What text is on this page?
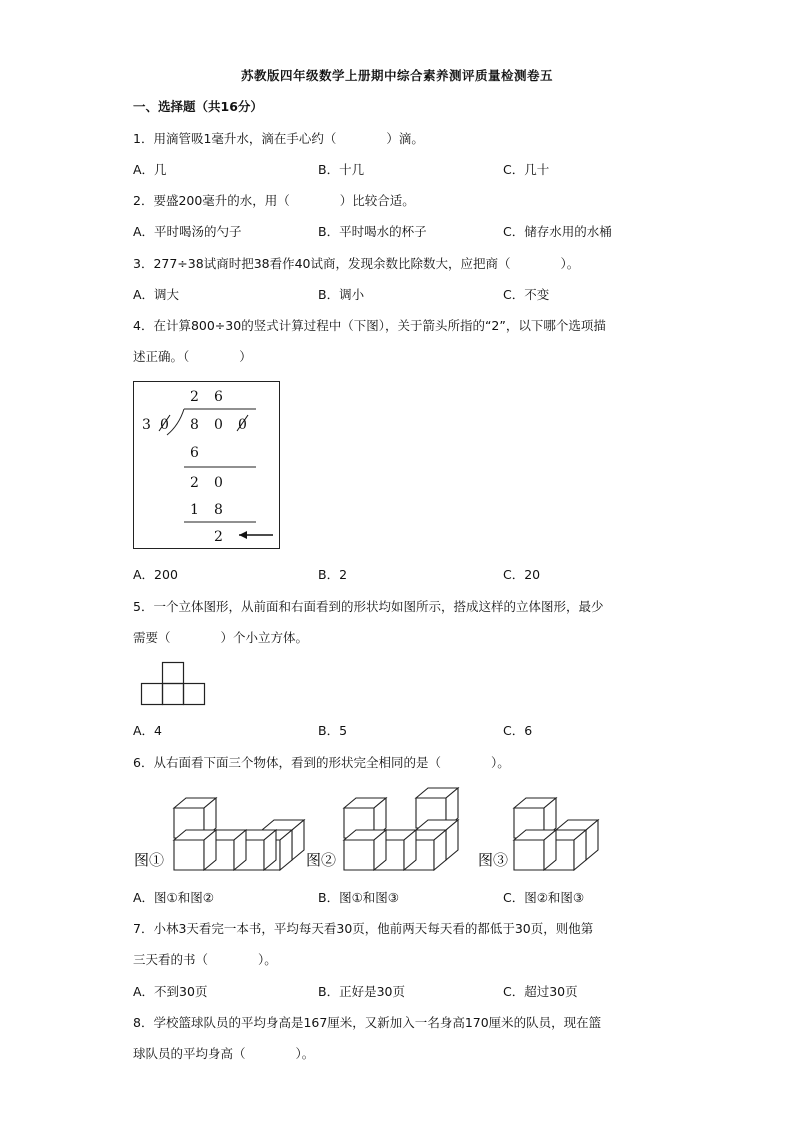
苏教版四年级数学上册期中综合素养测评质量检测卷五
一、选择题（共16分）
1．用滴管吸1毫升水，滴在手心约（　　　　）滴。
A．几	B．十几	C．几十
2．要盛200毫升的水，用（　　　　）比较合适。
A．平时喝汤的勺子	B．平时喝水的杯子	C．储存水用的水桶
3．277÷38试商时把38看作40试商，发现余数比除数大，应把商（　　　　）。
A．调大	B．调小	C．不变
4．在计算800÷30的竖式计算过程中（下图），关于箭头所指的“2”，以下哪个选项描
述正确。（　　　　）
2 6
3 0 8 0 0
6
2 0
1 8
2
A．200	B．2	C．20
5．一个立体图形，从前面和右面看到的形状均如图所示，搭成这样的立体图形，最少
需要（　　　　）个小立方体。
A．4	B．5	C．6
6．从右面看下面三个物体，看到的形状完全相同的是（　　　　）。
图①	图②	图③
A．图①和图②	B．图①和图③	C．图②和图③
7．小林3天看完一本书，平均每天看30页，他前两天每天看的都低于30页，则他第
三天看的书（　　　　）。
A．不到30页	B．正好是30页	C．超过30页
8．学校篮球队员的平均身高是167厘米，又新加入一名身高170厘米的队员，现在篮
球队员的平均身高（　　　　）。
